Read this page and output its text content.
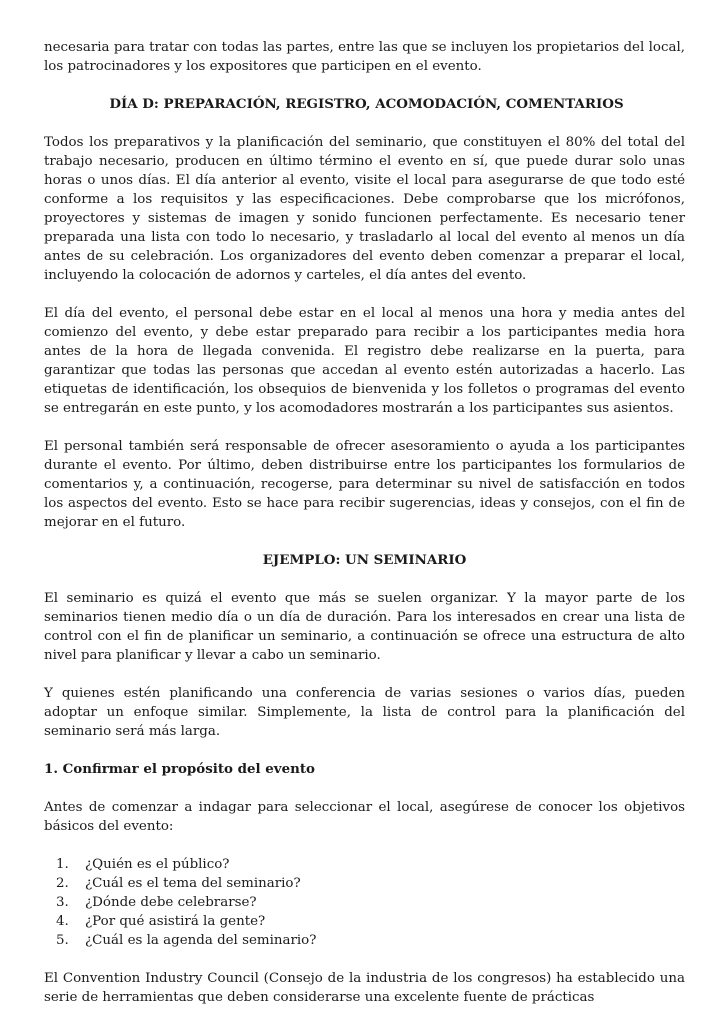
necesaria para tratar con todas las partes, entre las que se incluyen los propietarios del local, los patrocinadores y los expositores que participen en el evento.

DÍA D: PREPARACIÓN, REGISTRO, ACOMODACIÓN, COMENTARIOS

Todos los preparativos y la planificación del seminario, que constituyen el 80% del total del trabajo necesario, producen en último término el evento en sí, que puede durar solo unas horas o unos días. El día anterior al evento, visite el local para asegurarse de que todo esté conforme a los requisitos y las especificaciones. Debe comprobarse que los micrófonos, proyectores y sistemas de imagen y sonido funcionen perfectamente. Es necesario tener preparada una lista con todo lo necesario, y trasladarlo al local del evento al menos un día antes de su celebración. Los organizadores del evento deben comenzar a preparar el local, incluyendo la colocación de adornos y carteles, el día antes del evento.

El día del evento, el personal debe estar en el local al menos una hora y media antes del comienzo del evento, y debe estar preparado para recibir a los participantes media hora antes de la hora de llegada convenida. El registro debe realizarse en la puerta, para garantizar que todas las personas que accedan al evento estén autorizadas a hacerlo. Las etiquetas de identificación, los obsequios de bienvenida y los folletos o programas del evento se entregarán en este punto, y los acomodadores mostrarán a los participantes sus asientos.

El personal también será responsable de ofrecer asesoramiento o ayuda a los participantes durante el evento. Por último, deben distribuirse entre los participantes los formularios de comentarios y, a continuación, recogerse, para determinar su nivel de satisfacción en todos los aspectos del evento. Esto se hace para recibir sugerencias, ideas y consejos, con el fin de mejorar en el futuro.

EJEMPLO: UN SEMINARIO

El seminario es quizá el evento que más se suelen organizar. Y la mayor parte de los seminarios tienen medio día o un día de duración. Para los interesados en crear una lista de control con el fin de planificar un seminario, a continuación se ofrece una estructura de alto nivel para planificar y llevar a cabo un seminario.

Y quienes estén planificando una conferencia de varias sesiones o varios días, pueden adoptar un enfoque similar. Simplemente, la lista de control para la planificación del seminario será más larga.

1. Confirmar el propósito del evento

Antes de comenzar a indagar para seleccionar el local, asegúrese de conocer los objetivos básicos del evento:

1. ¿Quién es el público?
2. ¿Cuál es el tema del seminario?
3. ¿Dónde debe celebrarse?
4. ¿Por qué asistirá la gente?
5. ¿Cuál es la agenda del seminario?

El Convention Industry Council (Consejo de la industria de los congresos) ha establecido una serie de herramientas que deben considerarse una excelente fuente de prácticas
